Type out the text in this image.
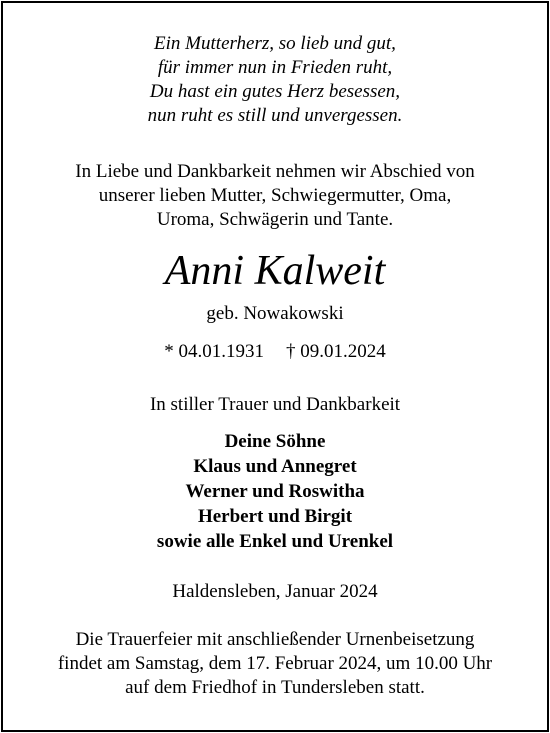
Ein Mutterherz, so lieb und gut,
für immer nun in Frieden ruht,
Du hast ein gutes Herz besessen,
nun ruht es still und unvergessen.
In Liebe und Dankbarkeit nehmen wir Abschied von
unserer lieben Mutter, Schwiegermutter, Oma,
Uroma, Schwägerin und Tante.
Anni Kalweit
geb. Nowakowski
* 04.01.1931 † 09.01.2024
In stiller Trauer und Dankbarkeit
Deine Söhne
Klaus und Annegret
Werner und Roswitha
Herbert und Birgit
sowie alle Enkel und Urenkel
Haldensleben, Januar 2024
Die Trauerfeier mit anschließender Urnenbeisetzung
findet am Samstag, dem 17. Februar 2024, um 10.00 Uhr
auf dem Friedhof in Tundersleben statt.
